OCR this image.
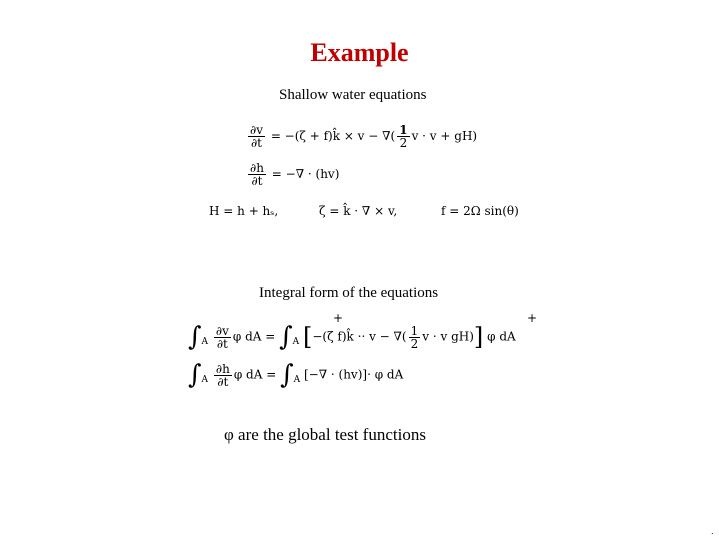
Example
Shallow water equations
$\frac{\partial v}{\partial t} = -(\zeta$ + f)k̂ × v − ∇( $\frac{1}{2}$ v · v + gH)
$\frac{\partial h}{\partial t}$ = −∇ · (hv)
H = h + hₛ,	ζ = k̂ · ∇ × v,	f = 2Ω sin(θ)
Integral form of the equations
+	+
$\int_A \frac{\partial v}{\partial t}$ φ dA = $\int_A$ [−(ζ f)k̂ ·· v − ∇( $\frac{1}{2}$ v · v gH)] φ dA
$\int_A \frac{\partial h}{\partial t}$ φ dA = $\int_A$ [−∇ · (hv)]· φ dA
φ are the global test functions
.
